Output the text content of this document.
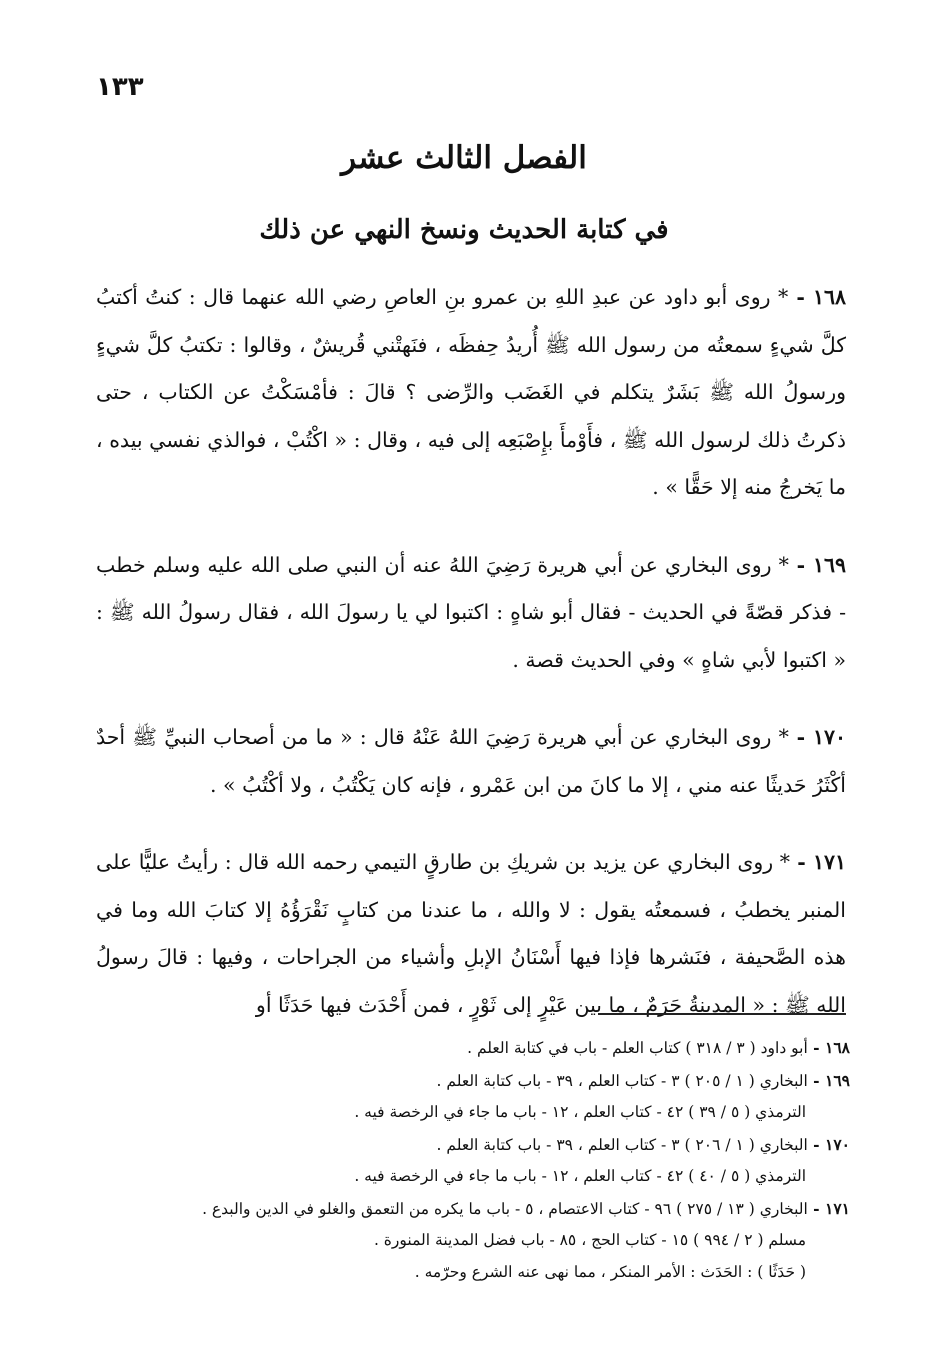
١٣٣
الفصل الثالث عشر
في كتابة الحديث ونسخ النهي عن ذلك

١٦٨ - * روى أبو داود عن عبدِ اللهِ بن عمرو بنِ العاصِ رضي الله عنهما قال : كنتُ أكتبُ كلَّ شيءٍ سمعتُه من رسول الله ﷺ أُريدُ حِفظَه ، فنَهتْني قُريشٌ ، وقالوا : تكتبُ كلَّ شيءٍ ورسولُ الله ﷺ بَشَرٌ يتكلم في الغَضَب والرِّضى ؟ قالَ : فأمْسَكْتُ عن الكتاب ، حتى ذكرتُ ذلك لرسول الله ﷺ ، فأَوْمأَ بإِصْبَعِه إلى فيه ، وقال : « اكْتُبْ ، فوالذي نفسي بيده ، ما يَخرجُ منه إلا حَقًّا » .

١٦٩ - * روى البخاري عن أبي هريرة رَضِيَ اللهُ عنه أن النبي صلى الله عليه وسلم خطب - فذكر قصّةً في الحديث - فقال أبو شاهٍ : اكتبوا لي يا رسولَ الله ، فقال رسولُ الله ﷺ : « اكتبوا لأبي شاهٍ » وفي الحديث قصة .

١٧٠ - * روى البخاري عن أبي هريرة رَضِيَ اللهُ عَنْهُ قال : « ما من أصحاب النبيِّ ﷺ أحدٌ أكْثَرُ حَديثًا عنه مني ، إلا ما كانَ من ابن عَمْرو ، فإنه كان يَكْتُبُ ، ولا أكْتُبُ » .

١٧١ - * روى البخاري عن يزيد بن شريكِ بن طارقٍ التيمي رحمه الله قال : رأيتُ عليًّا على المنبر يخطبُ ، فسمعتُه يقول : لا والله ، ما عندنا من كتابٍ نَقْرَؤُهُ إلا كتابَ الله وما في هذه الصَّحيفة ، فنَشرها فإذا فيها أَسْنَانُ الإبلِ وأشياء من الجراحات ، وفيها : قالَ رسولُ الله ﷺ : « المدينةُ حَرَمٌ ، ما بين عَيْرٍ إلى ثَوْرٍ ، فمن أَحْدَث فيها حَدَثًا أو

١٦٨ - أبو داود ( ٣ / ٣١٨ ) كتاب العلم - باب في كتابة العلم .
١٦٩ - البخاري ( ١ / ٢٠٥ ) ٣ - كتاب العلم ، ٣٩ - باب كتابة العلم .
الترمذي ( ٥ / ٣٩ ) ٤٢ - كتاب العلم ، ١٢ - باب ما جاء في الرخصة فيه .
١٧٠ - البخاري ( ١ / ٢٠٦ ) ٣ - كتاب العلم ، ٣٩ - باب كتابة العلم .
الترمذي ( ٥ / ٤٠ ) ٤٢ - كتاب العلم ، ١٢ - باب ما جاء في الرخصة فيه .
١٧١ - البخاري ( ١٣ / ٢٧٥ ) ٩٦ - كتاب الاعتصام ، ٥ - باب ما يكره من التعمق والغلو في الدين والبدع .
مسلم ( ٢ / ٩٩٤ ) ١٥ - كتاب الحج ، ٨٥ - باب فضل المدينة المنورة .
( حَدَثًا ) : الحَدَث : الأمر المنكر ، مما نهى عنه الشرع وحرّمه .
